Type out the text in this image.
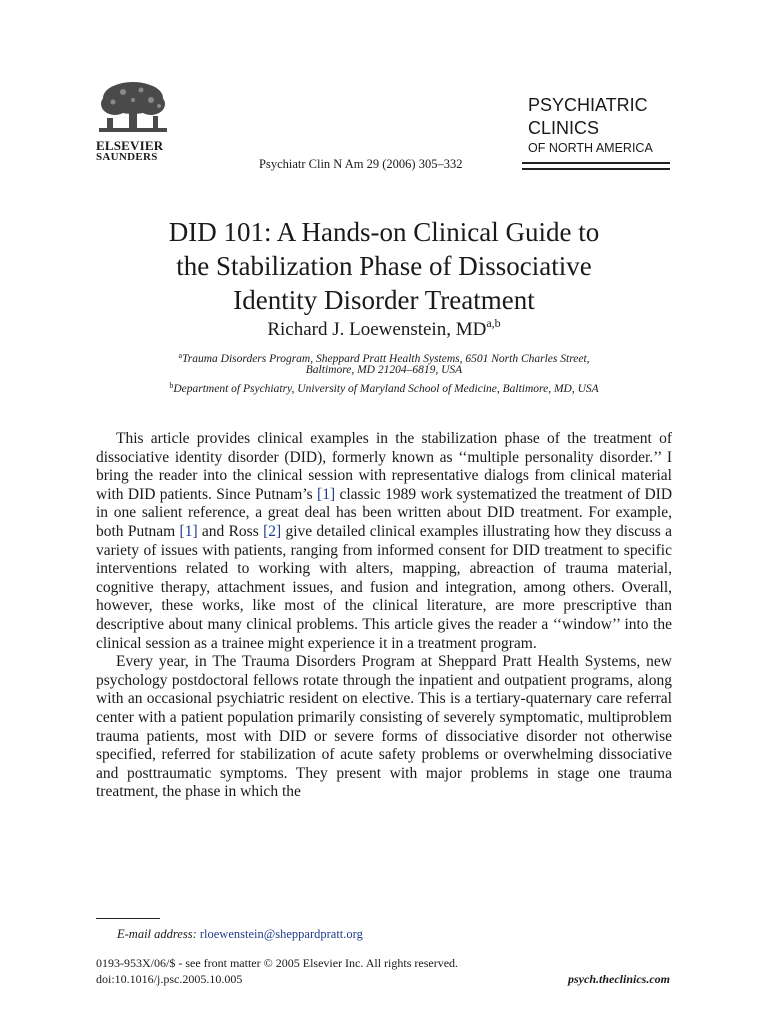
ELSEVIER
SAUNDERS	Psychiatr Clin N Am 29 (2006) 305–332
PSYCHIATRIC
CLINICS
OF NORTH AMERICA
DID 101: A Hands-on Clinical Guide to
the Stabilization Phase of Dissociative
Identity Disorder Treatment
Richard J. Loewenstein, MD$^{a,b}$
$^a$Trauma Disorders Program, Sheppard Pratt Health Systems, 6501 North Charles Street,
Baltimore, MD 21204–6819, USA
$^b$Department of Psychiatry, University of Maryland School of Medicine, Baltimore, MD, USA

This article provides clinical examples in the stabilization phase of the treatment of dissociative identity disorder (DID), formerly known as ‘‘multiple personality disorder.’’ I bring the reader into the clinical session with representative dialogs from clinical material with DID patients. Since Putnam’s [1] classic 1989 work systematized the treatment of DID in one salient reference, a great deal has been written about DID treatment. For example, both Putnam [1] and Ross [2] give detailed clinical examples illustrating how they discuss a variety of issues with patients, ranging from informed consent for DID treatment to specific interventions related to working with alters, mapping, abreaction of trauma material, cognitive therapy, attachment issues, and fusion and integration, among others. Overall, however, these works, like most of the clinical literature, are more prescriptive than descriptive about many clinical problems. This article gives the reader a ‘‘window’’ into the clinical session as a trainee might experience it in a treatment program.

Every year, in The Trauma Disorders Program at Sheppard Pratt Health Systems, new psychology postdoctoral fellows rotate through the inpatient and outpatient programs, along with an occasional psychiatric resident on elective. This is a tertiary-quaternary care referral center with a patient population primarily consisting of severely symptomatic, multiproblem trauma patients, most with DID or severe forms of dissociative disorder not otherwise specified, referred for stabilization of acute safety problems or overwhelming dissociative and posttraumatic symptoms. They present with major problems in stage one trauma treatment, the phase in which the

E-mail address: rloewenstein@sheppardpratt.org
0193-953X/06/$ - see front matter © 2005 Elsevier Inc. All rights reserved.
doi:10.1016/j.psc.2005.10.005	psych.theclinics.com
